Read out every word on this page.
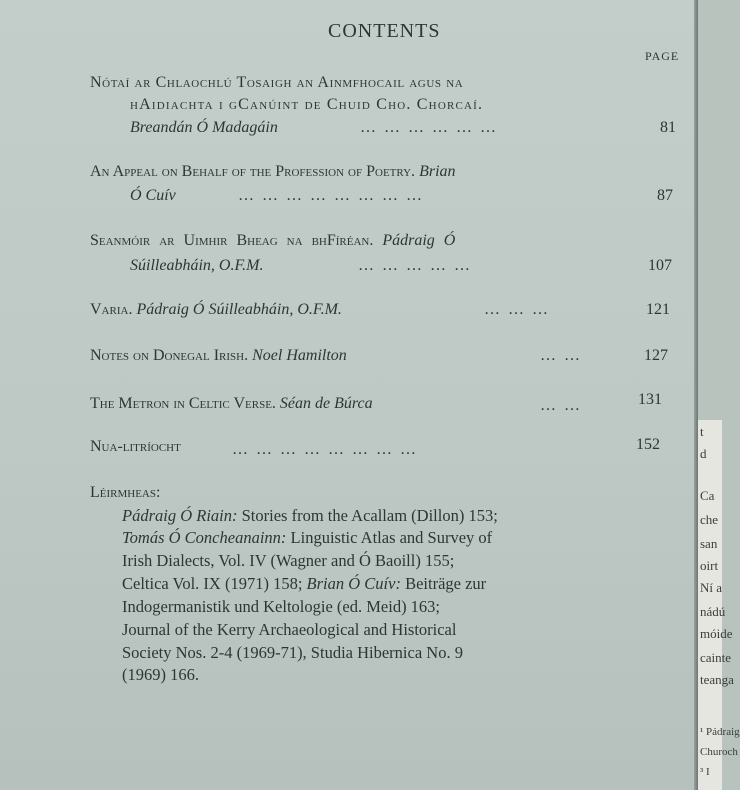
CONTENTS
PAGE
Nótaí ar Chlaochlú Tosaigh an Ainmfhocail agus na
hAidiachta i gCanúint de Chuid Cho. Chorcaí.
Breandán Ó Madagáin	… … … … … …	81
An Appeal on Behalf of the Profession of Poetry. Brian
Ó Cuív	… … … … … … … …	87
Seanmóir ar Uimhir Bheag na bhFíréan. Pádraig Ó
Súilleabháin, O.F.M.	… … … … …	107
Varia. Pádraig Ó Súilleabháin, O.F.M.	… … …	121
Notes on Donegal Irish. Noel Hamilton	… …	127
The Metron in Celtic Verse. Séan de Búrca	… …	131
Nua-litríocht	… … … … … … … …	152
Léirmheas:
Pádraig Ó Riain: Stories from the Acallam (Dillon) 153;
Tomás Ó Concheanainn: Linguistic Atlas and Survey of
Irish Dialects, Vol. IV (Wagner and Ó Baoill) 155;
Celtica Vol. IX (1971) 158; Brian Ó Cuív: Beiträge zur
Indogermanistik und Keltologie (ed. Meid) 163;
Journal of the Kerry Archaeological and Historical
Society Nos. 2-4 (1969-71), Studia Hibernica No. 9
(1969) 166.
t
d
Ca
che
san
oirt
Ní a
nádú
móide
cainte
teanga
¹ Pádraig
Churoch
³ I
